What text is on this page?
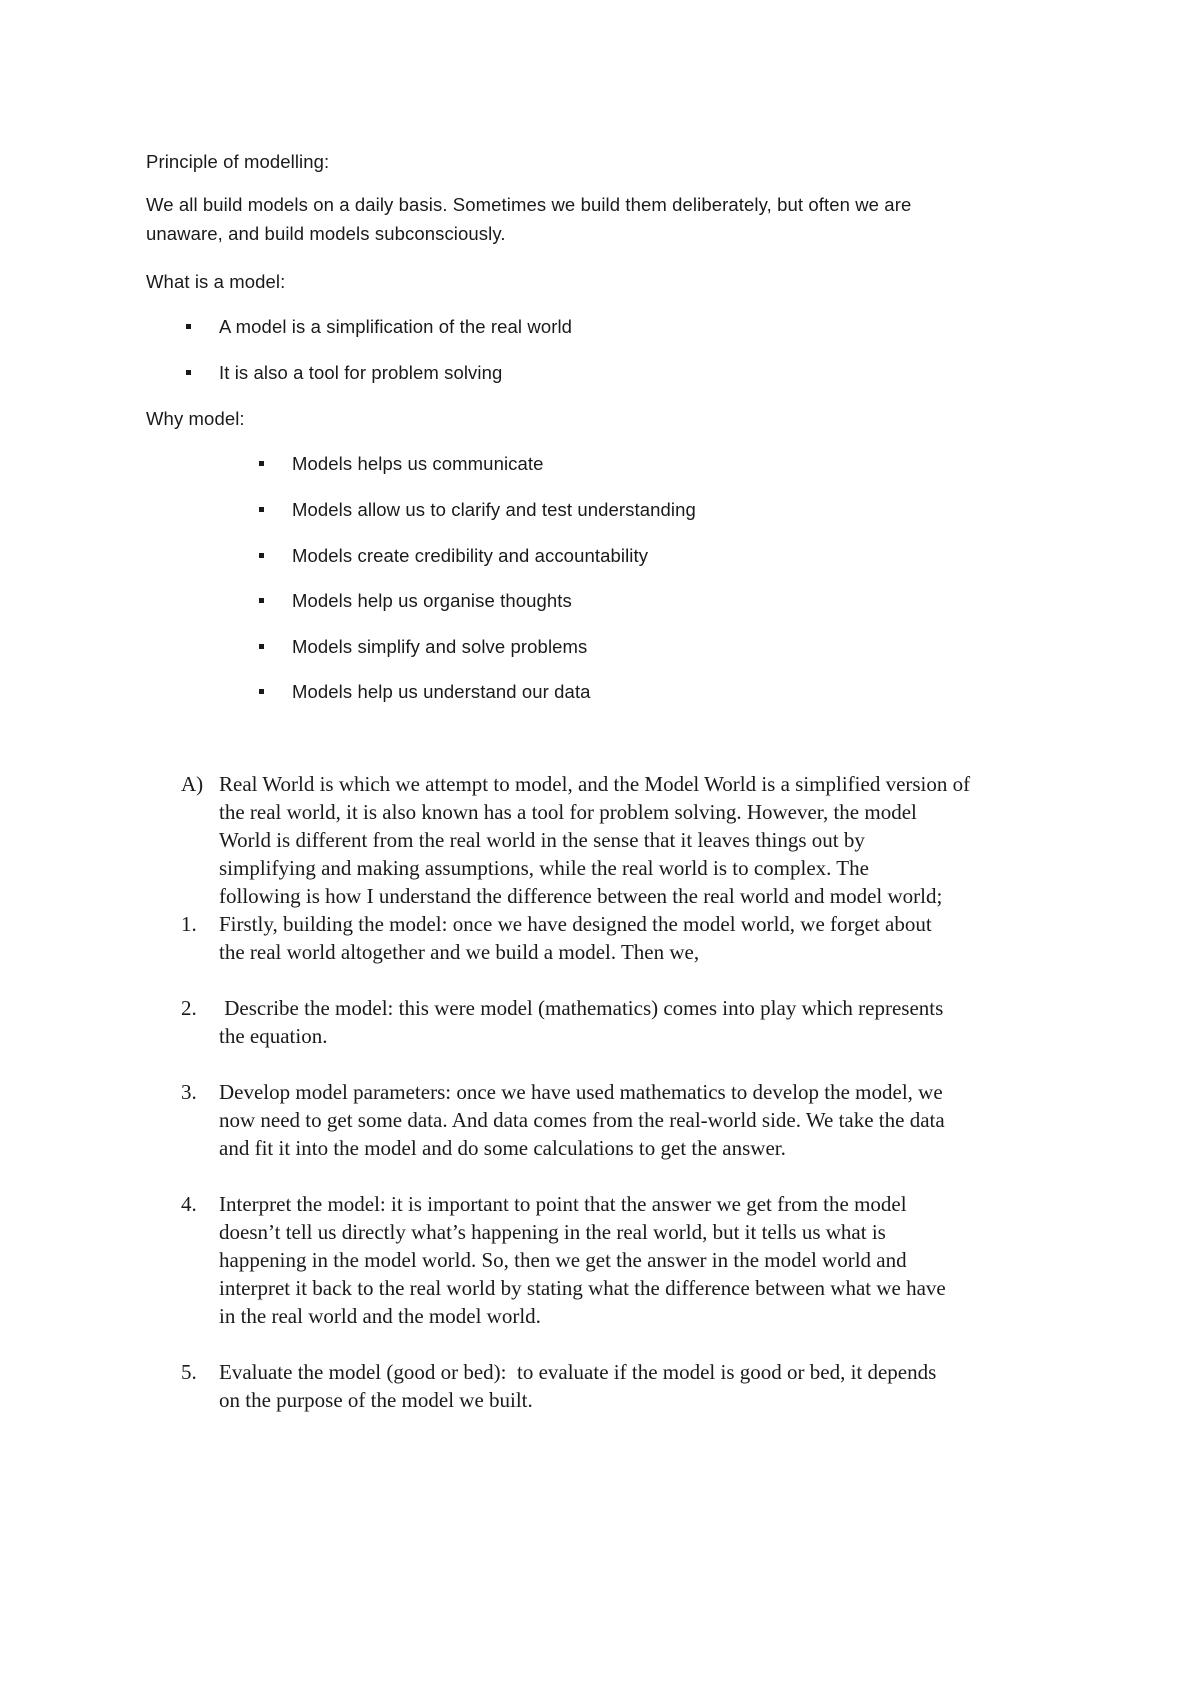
Principle of modelling:

We all build models on a daily basis. Sometimes we build them deliberately, but often we are
unaware, and build models subconsciously.

What is a model:

A model is a simplification of the real world
It is also a tool for problem solving

Why model:

Models helps us communicate
Models allow us to clarify and test understanding
Models create credibility and accountability
Models help us organise thoughts
Models simplify and solve problems
Models help us understand our data
A) Real World is which we attempt to model, and the Model World is a simplified version of

the real world, it is also known has a tool for problem solving. However, the model

World is different from the real world in the sense that it leaves things out by

simplifying and making assumptions, while the real world is to complex. The

following is how I understand the difference between the real world and model world;

1. Firstly, building the model: once we have designed the model world, we forget about

the real world altogether and we build a model. Then we,

2. Describe the model: this were model (mathematics) comes into play which represents

the equation.

3. Develop model parameters: once we have used mathematics to develop the model, we

now need to get some data. And data comes from the real-world side. We take the data

and fit it into the model and do some calculations to get the answer.

4. Interpret the model: it is important to point that the answer we get from the model

doesn’t tell us directly what’s happening in the real world, but it tells us what is

happening in the model world. So, then we get the answer in the model world and

interpret it back to the real world by stating what the difference between what we have

in the real world and the model world.

5. Evaluate the model (good or bed):  to evaluate if the model is good or bed, it depends

on the purpose of the model we built.
